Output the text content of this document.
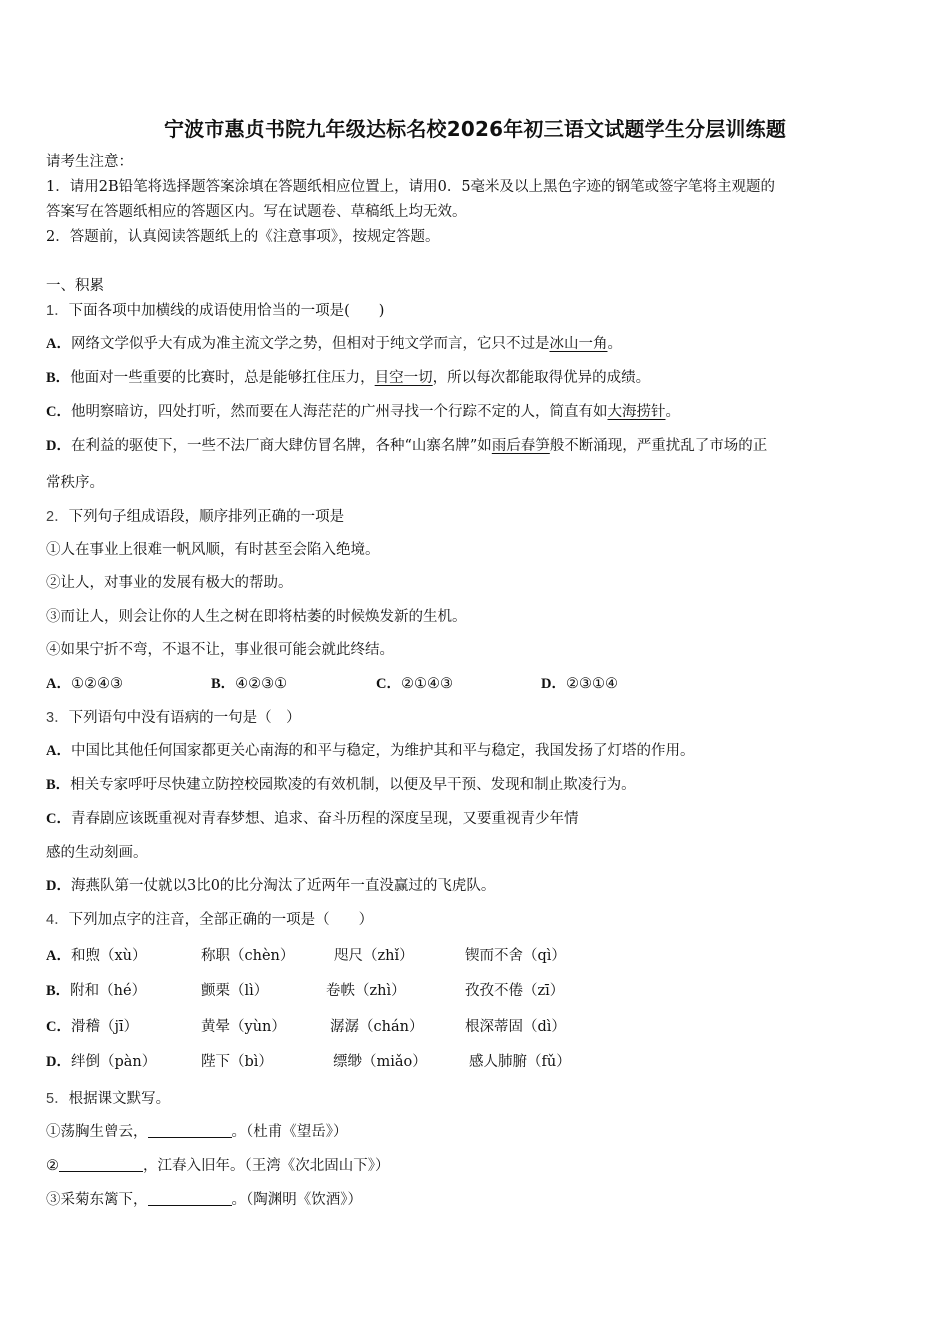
宁波市惠贞书院九年级达标名校2026年初三语文试题学生分层训练题
请考生注意：
1．请用2B铅笔将选择题答案涂填在答题纸相应位置上，请用0．5毫米及以上黑色字迹的钢笔或签字笔将主观题的
答案写在答题纸相应的答题区内。写在试题卷、草稿纸上均无效。
2．答题前，认真阅读答题纸上的《注意事项》，按规定答题。
一、积累
1．下面各项中加横线的成语使用恰当的一项是(　　)
A．网络文学似乎大有成为准主流文学之势，但相对于纯文学而言，它只不过是冰山一角。
B．他面对一些重要的比赛时，总是能够扛住压力，目空一切，所以每次都能取得优异的成绩。
C．他明察暗访，四处打听，然而要在人海茫茫的广州寻找一个行踪不定的人，简直有如大海捞针。
D．在利益的驱使下，一些不法厂商大肆仿冒名牌，各种“山寨名牌”如雨后春笋般不断涌现，严重扰乱了市场的正
常秩序。
2．下列句子组成语段，顺序排列正确的一项是
①人在事业上很难一帆风顺，有时甚至会陷入绝境。
②让人，对事业的发展有极大的帮助。
③而让人，则会让你的人生之树在即将枯萎的时候焕发新的生机。
④如果宁折不弯，不退不让，事业很可能会就此终结。
A．①②④③	B．④②③①	C．②①④③	D．②③①④
3．下列语句中没有语病的一句是（　）
A．中国比其他任何国家都更关心南海的和平与稳定，为维护其和平与稳定，我国发扬了灯塔的作用。
B．相关专家呼吁尽快建立防控校园欺凌的有效机制，以便及早干预、发现和制止欺凌行为。
C．青春剧应该既重视对青春梦想、追求、奋斗历程的深度呈现，又要重视青少年情
感的生动刻画。
D．海燕队第一仗就以3比0的比分淘汰了近两年一直没赢过的飞虎队。
4．下列加点字的注音，全部正确的一项是（　　）
A．和煦（xù）	称职（chèn）	咫尺（zhǐ）	锲而不舍（qì）
B．附和（hé）	颤栗（lì）	卷帙（zhì）	孜孜不倦（zī）
C．滑稽（jī）	黄晕（yùn）	潺潺（chán）	根深蒂固（dì）
D．绊倒（pàn）	陛下（bì）	缥缈（miǎo）	感人肺腑（fǔ）
5．根据课文默写。
①荡胸生曾云，	。（杜甫《望岳》）
②	，江春入旧年。（王湾《次北固山下》）
③采菊东篱下，	。（陶渊明《饮酒》）
